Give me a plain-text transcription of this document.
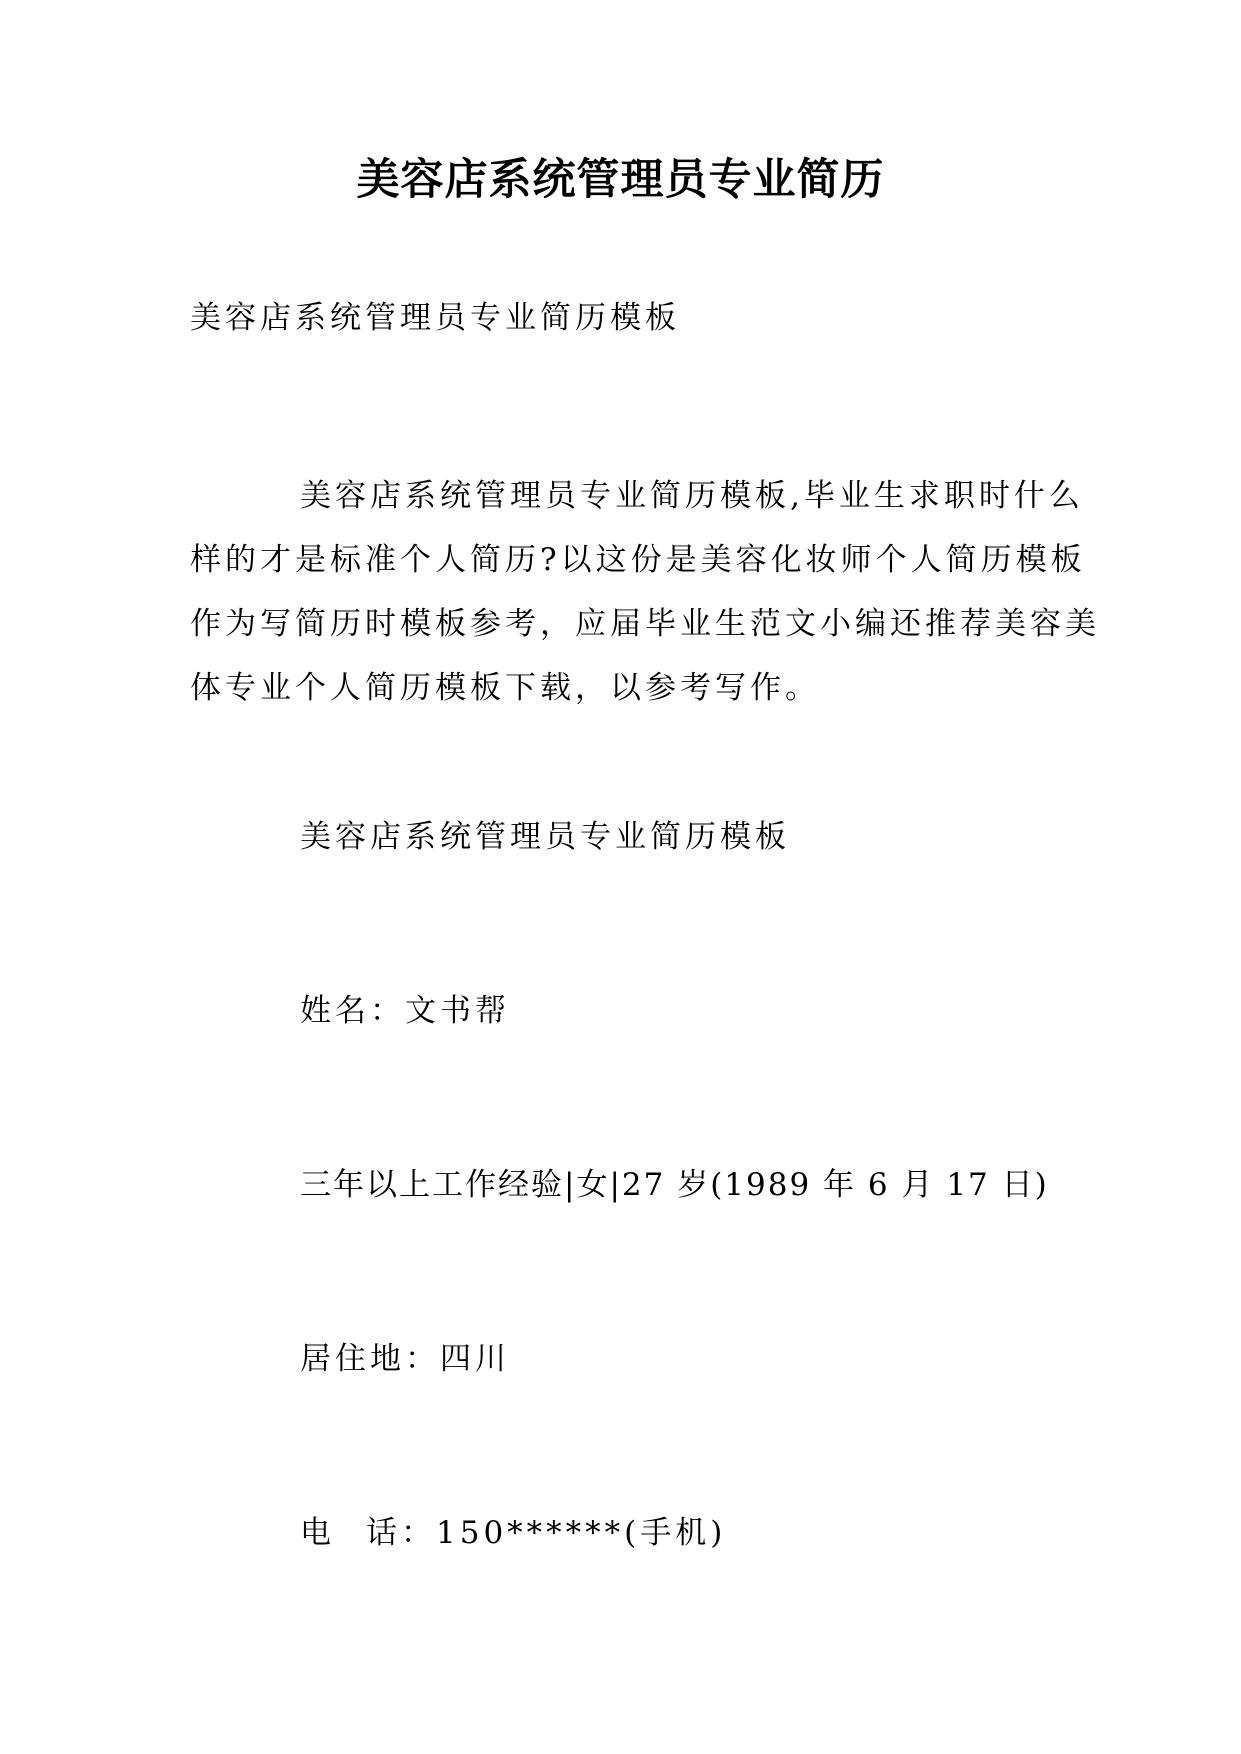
美容店系统管理员专业简历
美容店系统管理员专业简历模板
美容店系统管理员专业简历模板,毕业生求职时什么
样的才是标准个人简历?以这份是美容化妆师个人简历模板
作为写简历时模板参考，应届毕业生范文小编还推荐美容美
体专业个人简历模板下载，以参考写作。
美容店系统管理员专业简历模板
姓名：文书帮
三年以上工作经验|女|27 岁(1989 年 6 月 17 日)
居住地：四川
电 话：150******(手机)
